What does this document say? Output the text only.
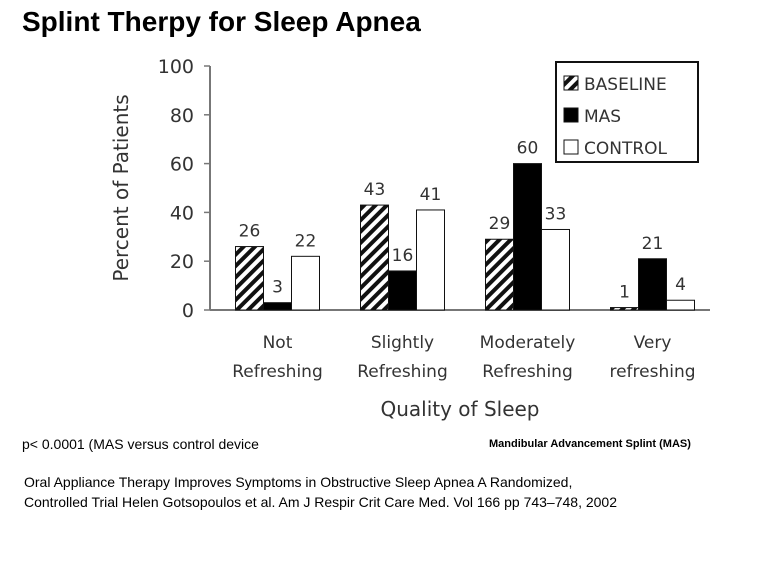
Splint Therpy for Sleep Apnea
0
20
40
60
80
100
Percent of Patients	26
3
22
Not
Refreshing
43
16
41
Slightly
Refreshing
29
60
33
Moderately
Refreshing
1
21
4
Very
refreshing
Quality of Sleep
BASELINE
MAS
CONTROL
p< 0.0001 (MAS versus control device	Mandibular Advancement Splint (MAS)
Oral Appliance Therapy Improves Symptoms in Obstructive Sleep Apnea A Randomized,
Controlled Trial Helen Gotsopoulos et al. Am J Respir Crit Care Med. Vol 166 pp 743–748, 2002
